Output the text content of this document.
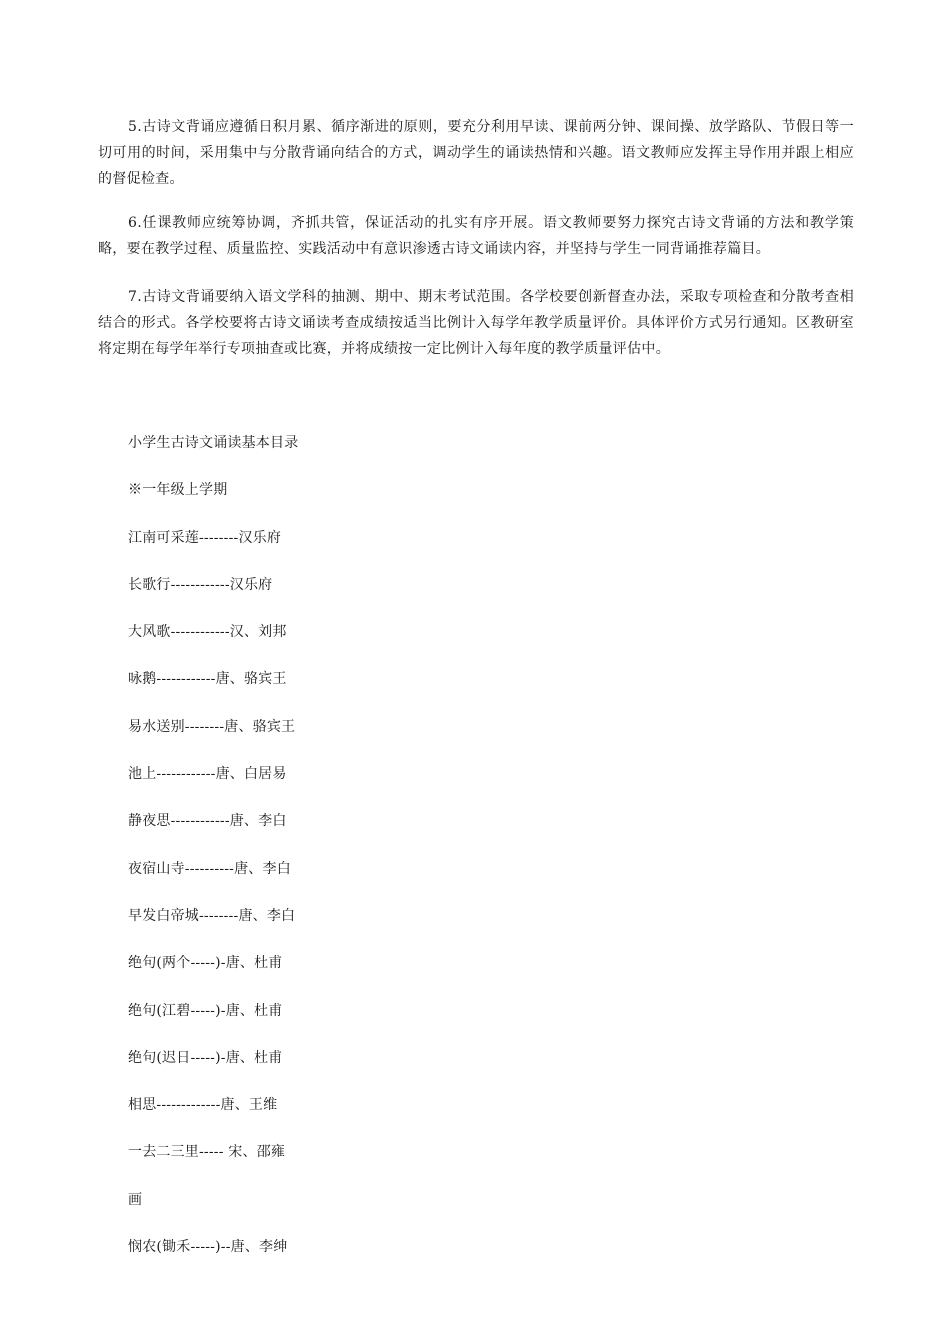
5.古诗文背诵应遵循日积月累、循序渐进的原则，要充分利用早读、课前两分钟、课间操、放学路队、节假日等一切可用的时间，采用集中与分散背诵向结合的方式，调动学生的诵读热情和兴趣。语文教师应发挥主导作用并跟上相应的督促检查。

6.任课教师应统筹协调，齐抓共管，保证活动的扎实有序开展。语文教师要努力探究古诗文背诵的方法和教学策略，要在教学过程、质量监控、实践活动中有意识渗透古诗文诵读内容，并坚持与学生一同背诵推荐篇目。

7.古诗文背诵要纳入语文学科的抽测、期中、期末考试范围。各学校要创新督查办法，采取专项检查和分散考查相结合的形式。各学校要将古诗文诵读考查成绩按适当比例计入每学年教学质量评价。具体评价方式另行通知。区教研室将定期在每学年举行专项抽查或比赛，并将成绩按一定比例计入每年度的教学质量评估中。

小学生古诗文诵读基本目录
※一年级上学期
江南可采莲--------汉乐府
长歌行------------汉乐府
大风歌------------汉、刘邦
咏鹅------------唐、骆宾王
易水送别--------唐、骆宾王
池上------------唐、白居易
静夜思------------唐、李白
夜宿山寺----------唐、李白
早发白帝城--------唐、李白
绝句(两个-----)-唐、杜甫
绝句(江碧-----)-唐、杜甫
绝句(迟日-----)-唐、杜甫
相思-------------唐、王维
一去二三里----- 宋、邵雍
画
悯农(锄禾-----)--唐、李绅
